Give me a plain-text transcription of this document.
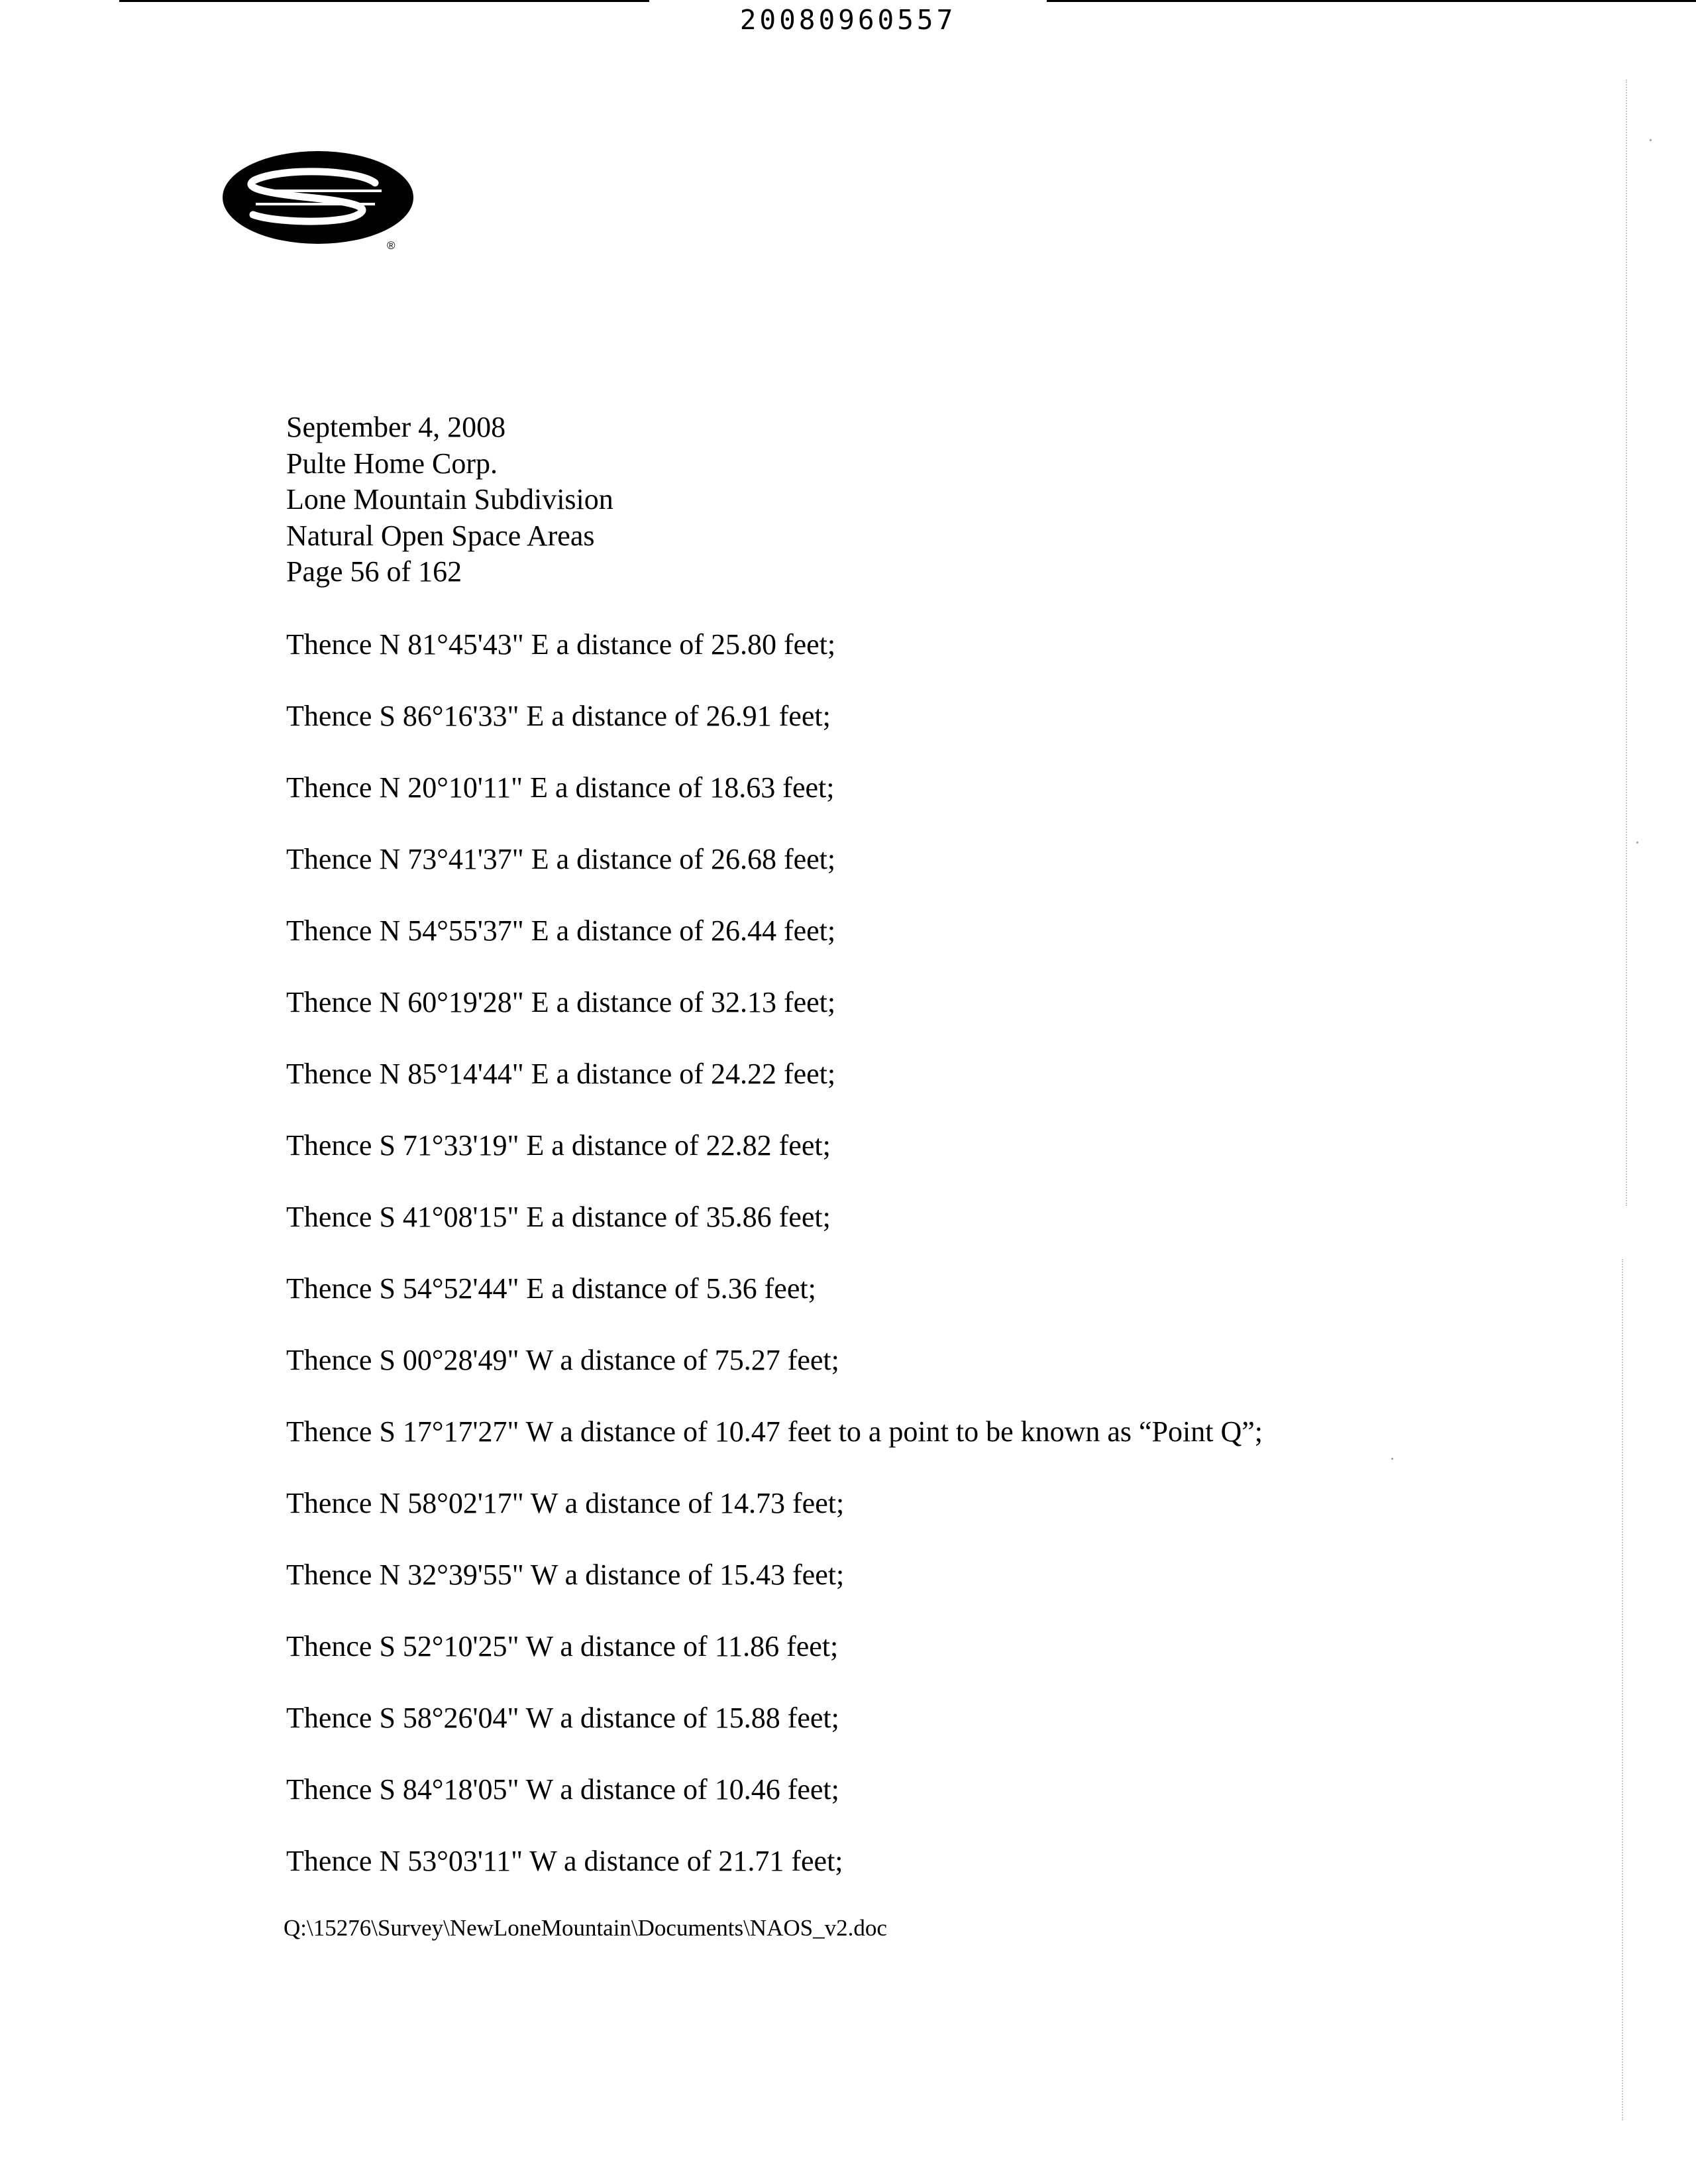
20080960557
®
September 4, 2008
Pulte Home Corp.
Lone Mountain Subdivision
Natural Open Space Areas
Page 56 of 162
Thence N 81°45'43" E a distance of 25.80 feet;
Thence S 86°16'33" E a distance of 26.91 feet;
Thence N 20°10'11" E a distance of 18.63 feet;
Thence N 73°41'37" E a distance of 26.68 feet;
Thence N 54°55'37" E a distance of 26.44 feet;
Thence N 60°19'28" E a distance of 32.13 feet;
Thence N 85°14'44" E a distance of 24.22 feet;
Thence S 71°33'19" E a distance of 22.82 feet;
Thence S 41°08'15" E a distance of 35.86 feet;
Thence S 54°52'44" E a distance of 5.36 feet;
Thence S 00°28'49" W a distance of 75.27 feet;
Thence S 17°17'27" W a distance of 10.47 feet to a point to be known as “Point Q”;
Thence N 58°02'17" W a distance of 14.73 feet;
Thence N 32°39'55" W a distance of 15.43 feet;
Thence S 52°10'25" W a distance of 11.86 feet;
Thence S 58°26'04" W a distance of 15.88 feet;
Thence S 84°18'05" W a distance of 10.46 feet;
Thence N 53°03'11" W a distance of 21.71 feet;
Q:\15276\Survey\NewLoneMountain\Documents\NAOS_v2.doc
